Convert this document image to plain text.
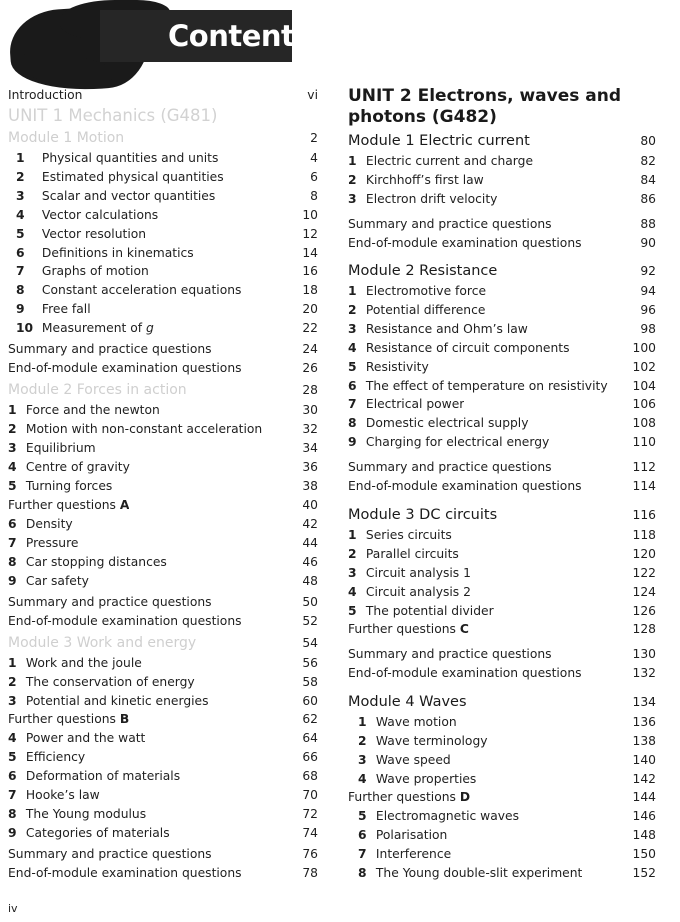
Contents
Introduction	vi
UNIT 1 Mechanics (G481)
Module 1 Motion	2
1 Physical quantities and units	4
2 Estimated physical quantities	6
3 Scalar and vector quantities	8
4 Vector calculations	10
5 Vector resolution	12
6 Definitions in kinematics	14
7 Graphs of motion	16
8 Constant acceleration equations	18
9 Free fall	20
10 Measurement of g	22
Summary and practice questions	24
End-of-module examination questions	26
Module 2 Forces in action	28
1 Force and the newton	30
2 Motion with non-constant acceleration	32
3 Equilibrium	34
4 Centre of gravity	36
5 Turning forces	38
Further questions A	40
6 Density	42
7 Pressure	44
8 Car stopping distances	46
9 Car safety	48
Summary and practice questions	50
End-of-module examination questions	52
Module 3 Work and energy	54
1 Work and the joule	56
2 The conservation of energy	58
3 Potential and kinetic energies	60
Further questions B	62
4 Power and the watt	64
5 Efficiency	66
6 Deformation of materials	68
7 Hooke’s law	70
8 The Young modulus	72
9 Categories of materials	74
Summary and practice questions	76
End-of-module examination questions	78
UNIT 2 Electrons, waves and photons (G482)
Module 1 Electric current	80
1 Electric current and charge	82
2 Kirchhoff’s first law	84
3 Electron drift velocity	86
Summary and practice questions	88
End-of-module examination questions	90
Module 2 Resistance	92
1 Electromotive force	94
2 Potential difference	96
3 Resistance and Ohm’s law	98
4 Resistance of circuit components	100
5 Resistivity	102
6 The effect of temperature on resistivity 104
7 Electrical power	106
8 Domestic electrical supply	108
9 Charging for electrical energy	110
Summary and practice questions	112
End-of-module examination questions	114
Module 3 DC circuits	116
1 Series circuits	118
2 Parallel circuits	120
3 Circuit analysis 1	122
4 Circuit analysis 2	124
5 The potential divider	126
Further questions C	128
Summary and practice questions	130
End-of-module examination questions	132
Module 4 Waves	134
1 Wave motion	136
2 Wave terminology	138
3 Wave speed	140
4 Wave properties	142
Further questions D	144
5 Electromagnetic waves	146
6 Polarisation	148
7 Interference	150
8 The Young double-slit experiment	152
iv
